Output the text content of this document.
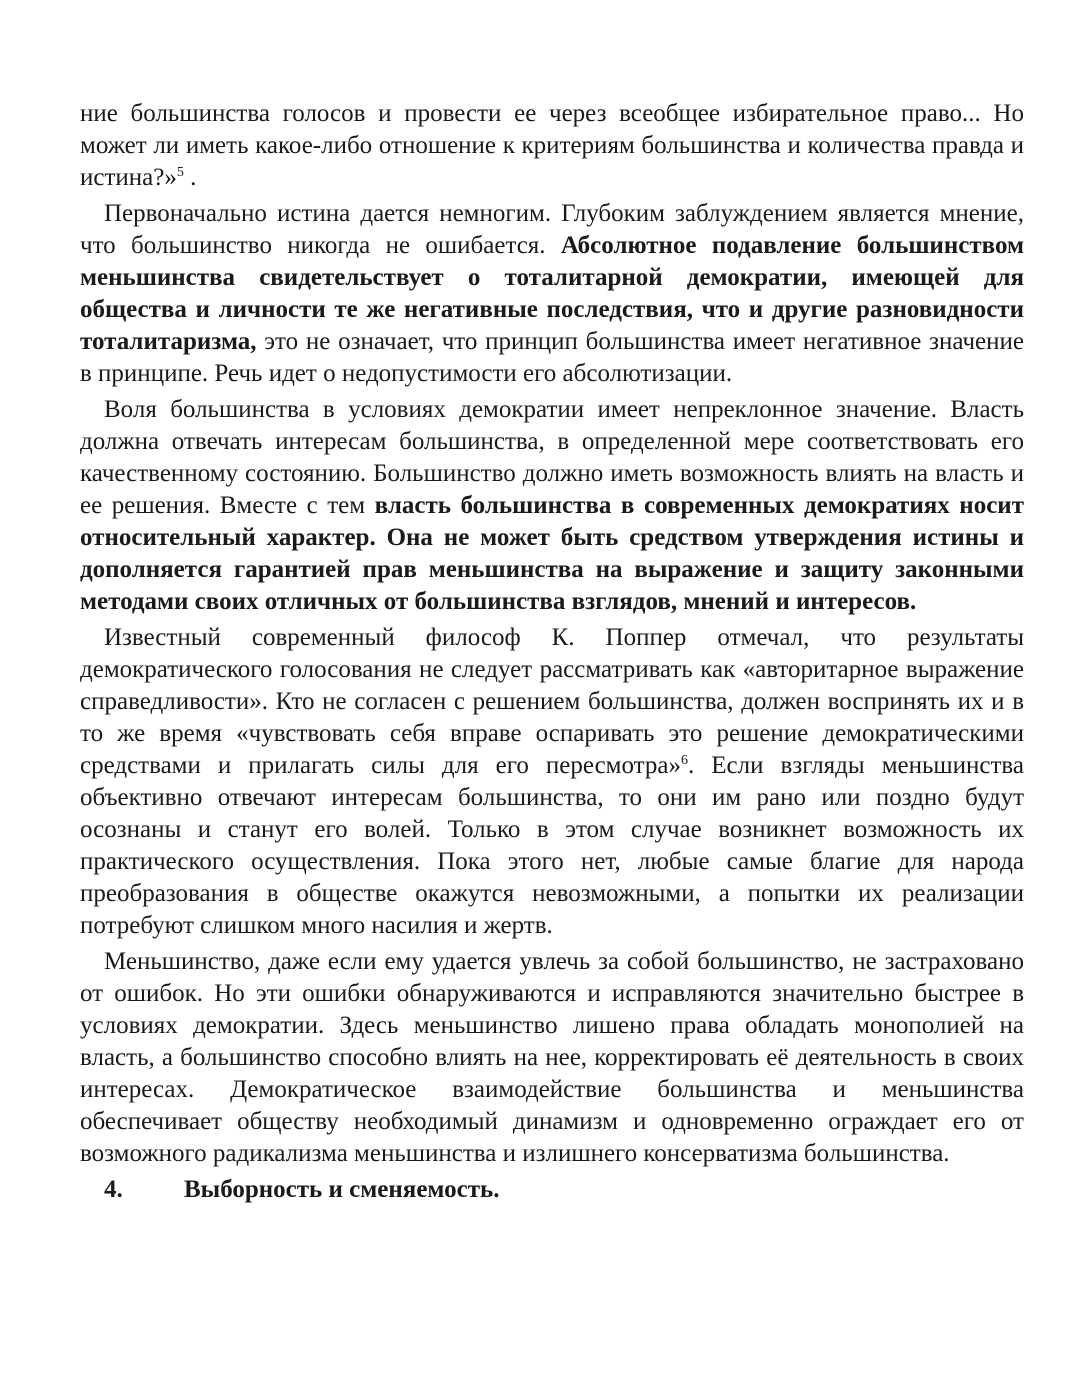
ние большинства голосов и провести ее через всеобщее избирательное право... Но может ли иметь какое-либо отношение к критериям большинства и количества правда и истина?»$^5$ .

Первоначально истина дается немногим. Глубоким заблуждением является мнение, что большинство никогда не ошибается. Абсолютное подавление большинством меньшинства свидетельствует о тоталитарной демократии, имеющей для общества и личности те же негативные последствия, что и другие разновидности тоталитаризма, это не означает, что принцип большинства имеет негативное значение в принципе. Речь идет о недопустимости его абсолютизации.

Воля большинства в условиях демократии имеет непреклонное значение. Власть должна отвечать интересам большинства, в определенной мере соответствовать его качественному состоянию. Большинство должно иметь возможность влиять на власть и ее решения. Вместе с тем власть большинства в современных демократиях носит относительный характер. Она не может быть средством утверждения истины и дополняется гарантией прав меньшинства на выражение и защиту законными методами своих отличных от большинства взглядов, мнений и интересов.

Известный современный философ К. Поппер отмечал, что результаты демократического голосования не следует рассматривать как «авторитарное выражение справедливости». Кто не согласен с решением большинства, должен воспринять их и в то же время «чувствовать себя вправе оспаривать это решение демократическими средствами и прилагать силы для его пересмотра»$^6$. Если взгляды меньшинства объективно отвечают интересам большинства, то они им рано или поздно будут осознаны и станут его волей. Только в этом случае возникнет возможность их практического осуществления. Пока этого нет, любые самые благие для народа преобразования в обществе окажутся невозможными, а попытки их реализации потребуют слишком много насилия и жертв.

Меньшинство, даже если ему удается увлечь за собой большинство, не застраховано от ошибок. Но эти ошибки обнаруживаются и исправляются значительно быстрее в условиях демократии. Здесь меньшинство лишено права обладать монополией на власть, а большинство способно влиять на нее, корректировать её деятельность в своих интересах. Демократическое взаимодействие большинства и меньшинства обеспечивает обществу необходимый динамизм и одновременно ограждает его от возможного радикализма меньшинства и излишнего консерватизма большинства.

4.	Выборность и сменяемость.
